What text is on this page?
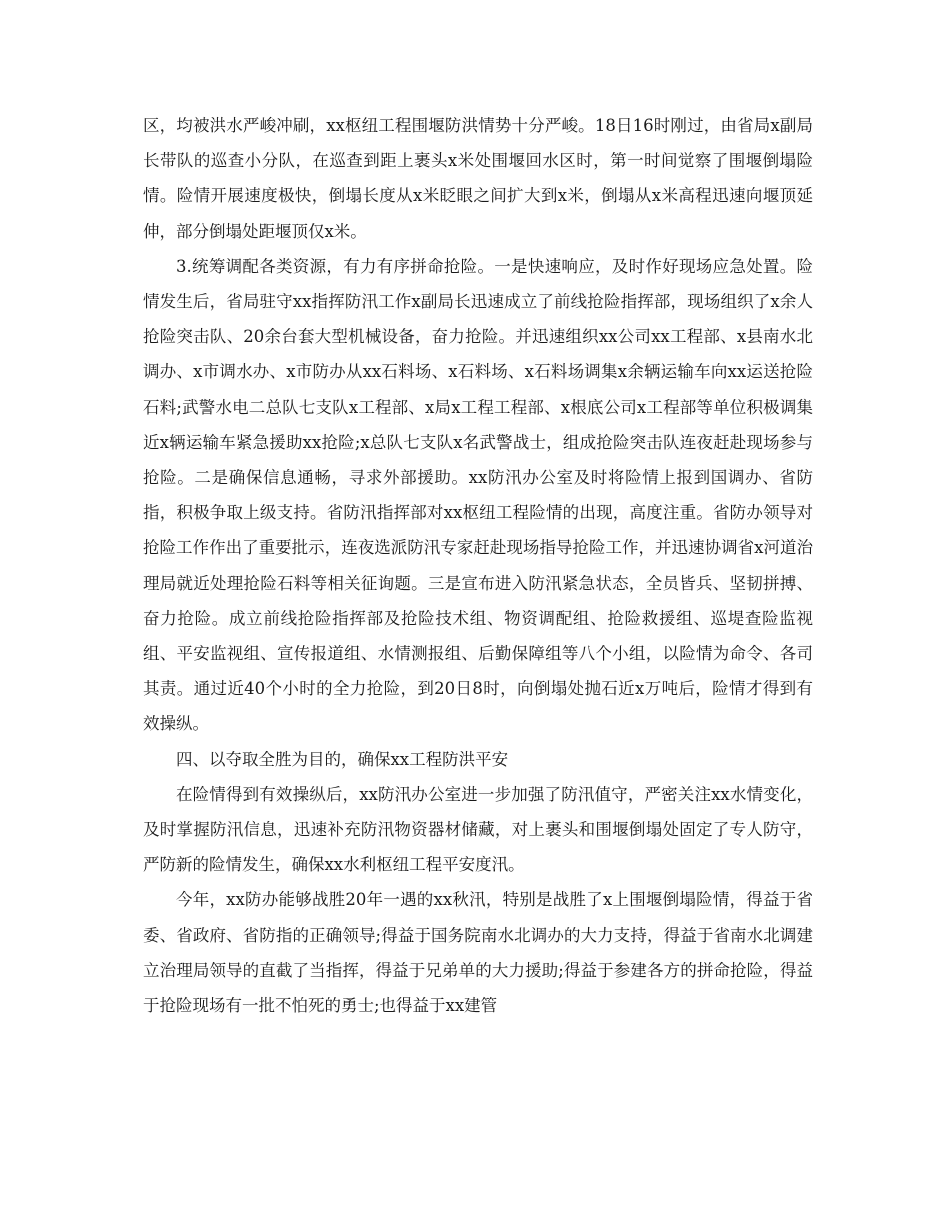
区，均被洪水严峻冲刷，xx枢纽工程围堰防洪情势十分严峻。18日16时刚过，由省局x副局长带队的巡查小分队，在巡查到距上裹头x米处围堰回水区时，第一时间觉察了围堰倒塌险情。险情开展速度极快，倒塌长度从x米眨眼之间扩大到x米，倒塌从x米高程迅速向堰顶延伸，部分倒塌处距堰顶仅x米。

3.统筹调配各类资源，有力有序拼命抢险。一是快速响应，及时作好现场应急处置。险情发生后，省局驻守xx指挥防汛工作x副局长迅速成立了前线抢险指挥部，现场组织了x余人抢险突击队、20余台套大型机械设备，奋力抢险。并迅速组织xx公司xx工程部、x县南水北调办、x市调水办、x市防办从xx石料场、x石料场、x石料场调集x余辆运输车向xx运送抢险石料;武警水电二总队七支队x工程部、x局x工程工程部、x根底公司x工程部等单位积极调集近x辆运输车紧急援助xx抢险;x总队七支队x名武警战士，组成抢险突击队连夜赶赴现场参与抢险。二是确保信息通畅，寻求外部援助。xx防汛办公室及时将险情上报到国调办、省防指，积极争取上级支持。省防汛指挥部对xx枢纽工程险情的出现，高度注重。省防办领导对抢险工作作出了重要批示，连夜选派防汛专家赶赴现场指导抢险工作，并迅速协调省x河道治理局就近处理抢险石料等相关征询题。三是宣布进入防汛紧急状态，全员皆兵、坚韧拼搏、奋力抢险。成立前线抢险指挥部及抢险技术组、物资调配组、抢险救援组、巡堤查险监视组、平安监视组、宣传报道组、水情测报组、后勤保障组等八个小组，以险情为命令、各司其责。通过近40个小时的全力抢险，到20日8时，向倒塌处抛石近x万吨后，险情才得到有效操纵。

四、以夺取全胜为目的，确保xx工程防洪平安

在险情得到有效操纵后，xx防汛办公室进一步加强了防汛值守，严密关注xx水情变化，及时掌握防汛信息，迅速补充防汛物资器材储藏，对上裹头和围堰倒塌处固定了专人防守，严防新的险情发生，确保xx水利枢纽工程平安度汛。

今年，xx防办能够战胜20年一遇的xx秋汛，特别是战胜了x上围堰倒塌险情，得益于省委、省政府、省防指的正确领导;得益于国务院南水北调办的大力支持，得益于省南水北调建立治理局领导的直截了当指挥，得益于兄弟单的大力援助;得益于参建各方的拼命抢险，得益于抢险现场有一批不怕死的勇士;也得益于xx建管
